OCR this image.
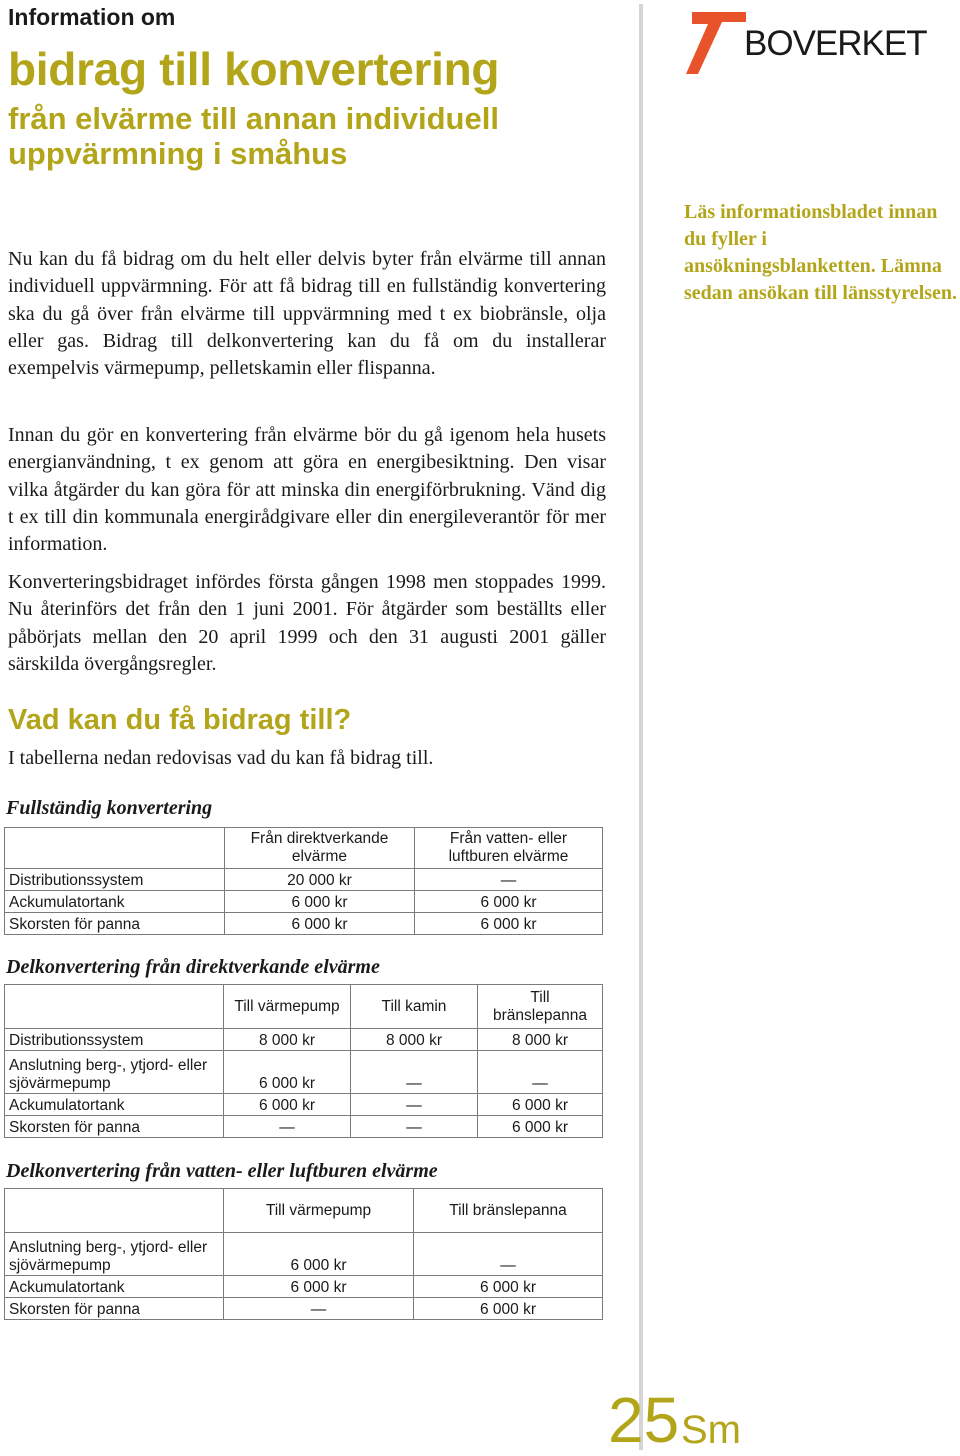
Information om
bidrag till konvertering
från elvärme till annan individuell uppvärmning i småhus
BOVERKET
Läs informationsbladet innan du fyller i ansökningsblanketten. Lämna sedan ansökan till länsstyrelsen.

Nu kan du få bidrag om du helt eller delvis byter från elvärme till annan individuell uppvärmning. För att få bidrag till en fullständig konvertering ska du gå över från elvärme till uppvärmning med t ex biobränsle, olja eller gas. Bidrag till delkonvertering kan du få om du installerar exempelvis värmepump, pelletskamin eller flispanna.

Innan du gör en konvertering från elvärme bör du gå igenom hela husets energianvändning, t ex genom att göra en energibesiktning. Den visar vilka åtgärder du kan göra för att minska din energiförbrukning. Vänd dig t ex till din kommunala energirådgivare eller din energileverantör för mer information.

Konverteringsbidraget infördes första gången 1998 men stoppades 1999. Nu återinförs det från den 1 juni 2001. För åtgärder som beställts eller påbörjats mellan den 20 april 1999 och den 31 augusti 2001 gäller särskilda övergångsregler.

Vad kan du få bidrag till?
I tabellerna nedan redovisas vad du kan få bidrag till.
Fullständig konvertering
	Från direktverkande elvärme	Från vatten- eller luftburen elvärme
Distributionssystem	20 000 kr	—
Ackumulatortank	6 000 kr	6 000 kr
Skorsten för panna	6 000 kr	6 000 kr
Delkonvertering från direktverkande elvärme
	Till värmepump	Till kamin	Till bränslepanna
Distributionssystem	8 000 kr	8 000 kr	8 000 kr
Anslutning berg-, ytjord- eller sjövärmepump	6 000 kr	—	—
Ackumulatortank	6 000 kr	—	6 000 kr
Skorsten för panna	—	—	6 000 kr
Delkonvertering från vatten- eller luftburen elvärme
	Till värmepump	Till bränslepanna
Anslutning berg-, ytjord- eller sjövärmepump	6 000 kr	—
Ackumulatortank	6 000 kr	6 000 kr
Skorsten för panna	—	6 000 kr
25 Sm
